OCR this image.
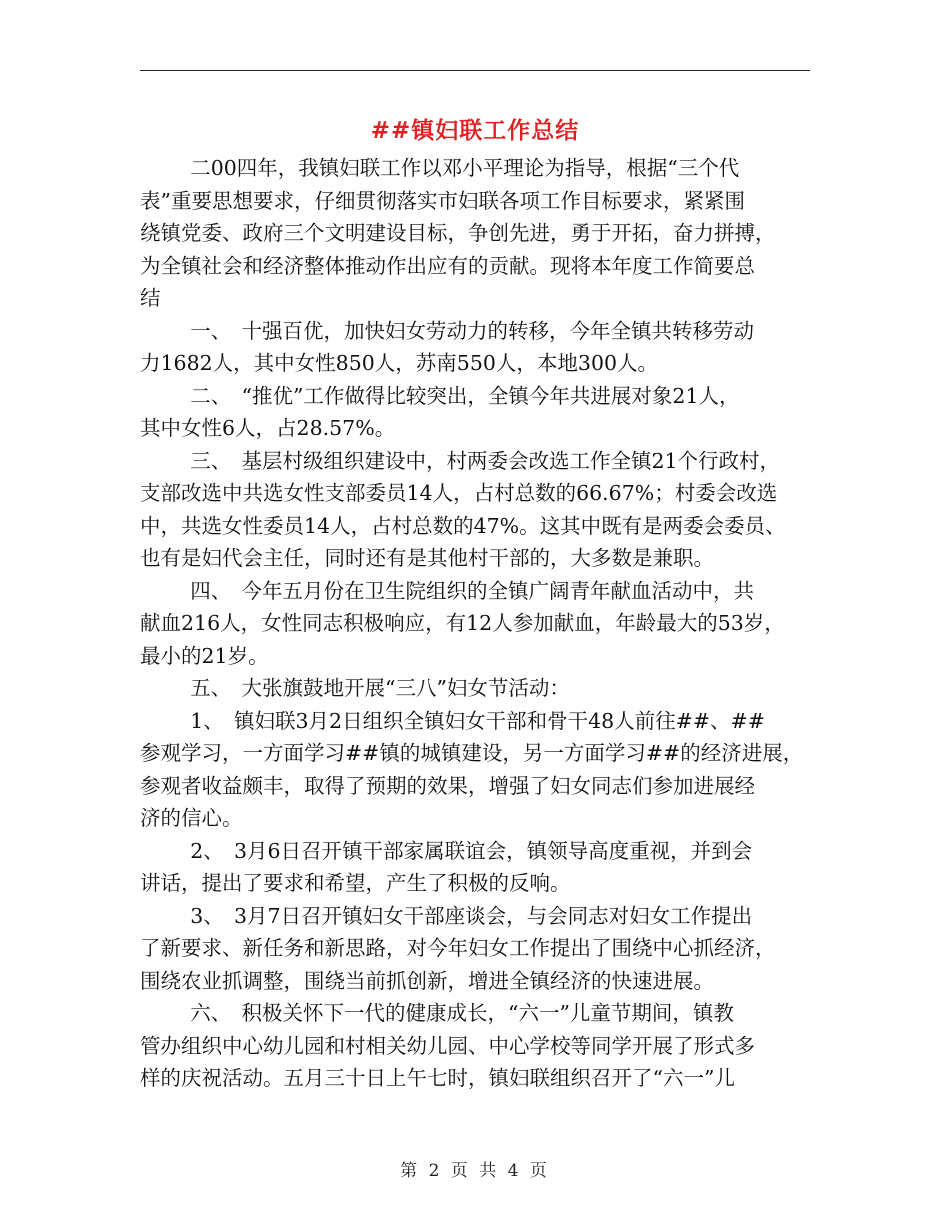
##镇妇联工作总结
二00四年，我镇妇联工作以邓小平理论为指导，根据“三个代
表”重要思想要求，仔细贯彻落实市妇联各项工作目标要求，紧紧围
绕镇党委、政府三个文明建设目标，争创先进，勇于开拓，奋力拼搏，
为全镇社会和经济整体推动作出应有的贡献。现将本年度工作简要总
结
一、　十强百优，加快妇女劳动力的转移，今年全镇共转移劳动
力1682人，其中女性850人，苏南550人，本地300人。
二、　“推优”工作做得比较突出，全镇今年共进展对象21人，
其中女性6人，占28.57%。
三、　基层村级组织建设中，村两委会改选工作全镇21个行政村，
支部改选中共选女性支部委员14人，占村总数的66.67%；村委会改选
中，共选女性委员14人，占村总数的47%。这其中既有是两委会委员、
也有是妇代会主任，同时还有是其他村干部的，大多数是兼职。
四、　今年五月份在卫生院组织的全镇广阔青年献血活动中，共
献血216人，女性同志积极响应，有12人参加献血，年龄最大的53岁，
最小的21岁。
五、　大张旗鼓地开展“三八”妇女节活动：
1、　镇妇联3月2日组织全镇妇女干部和骨干48人前往##、##
参观学习，一方面学习##镇的城镇建设，另一方面学习##的经济进展，
参观者收益颇丰，取得了预期的效果，增强了妇女同志们参加进展经
济的信心。
2、　3月6日召开镇干部家属联谊会，镇领导高度重视，并到会
讲话，提出了要求和希望，产生了积极的反响。
3、　3月7日召开镇妇女干部座谈会，与会同志对妇女工作提出
了新要求、新任务和新思路，对今年妇女工作提出了围绕中心抓经济，
围绕农业抓调整，围绕当前抓创新，增进全镇经济的快速进展。
六、　积极关怀下一代的健康成长，“六一”儿童节期间，镇教
管办组织中心幼儿园和村相关幼儿园、中心学校等同学开展了形式多
样的庆祝活动。五月三十日上午七时，镇妇联组织召开了“六一”儿
第 2 页 共 4 页
